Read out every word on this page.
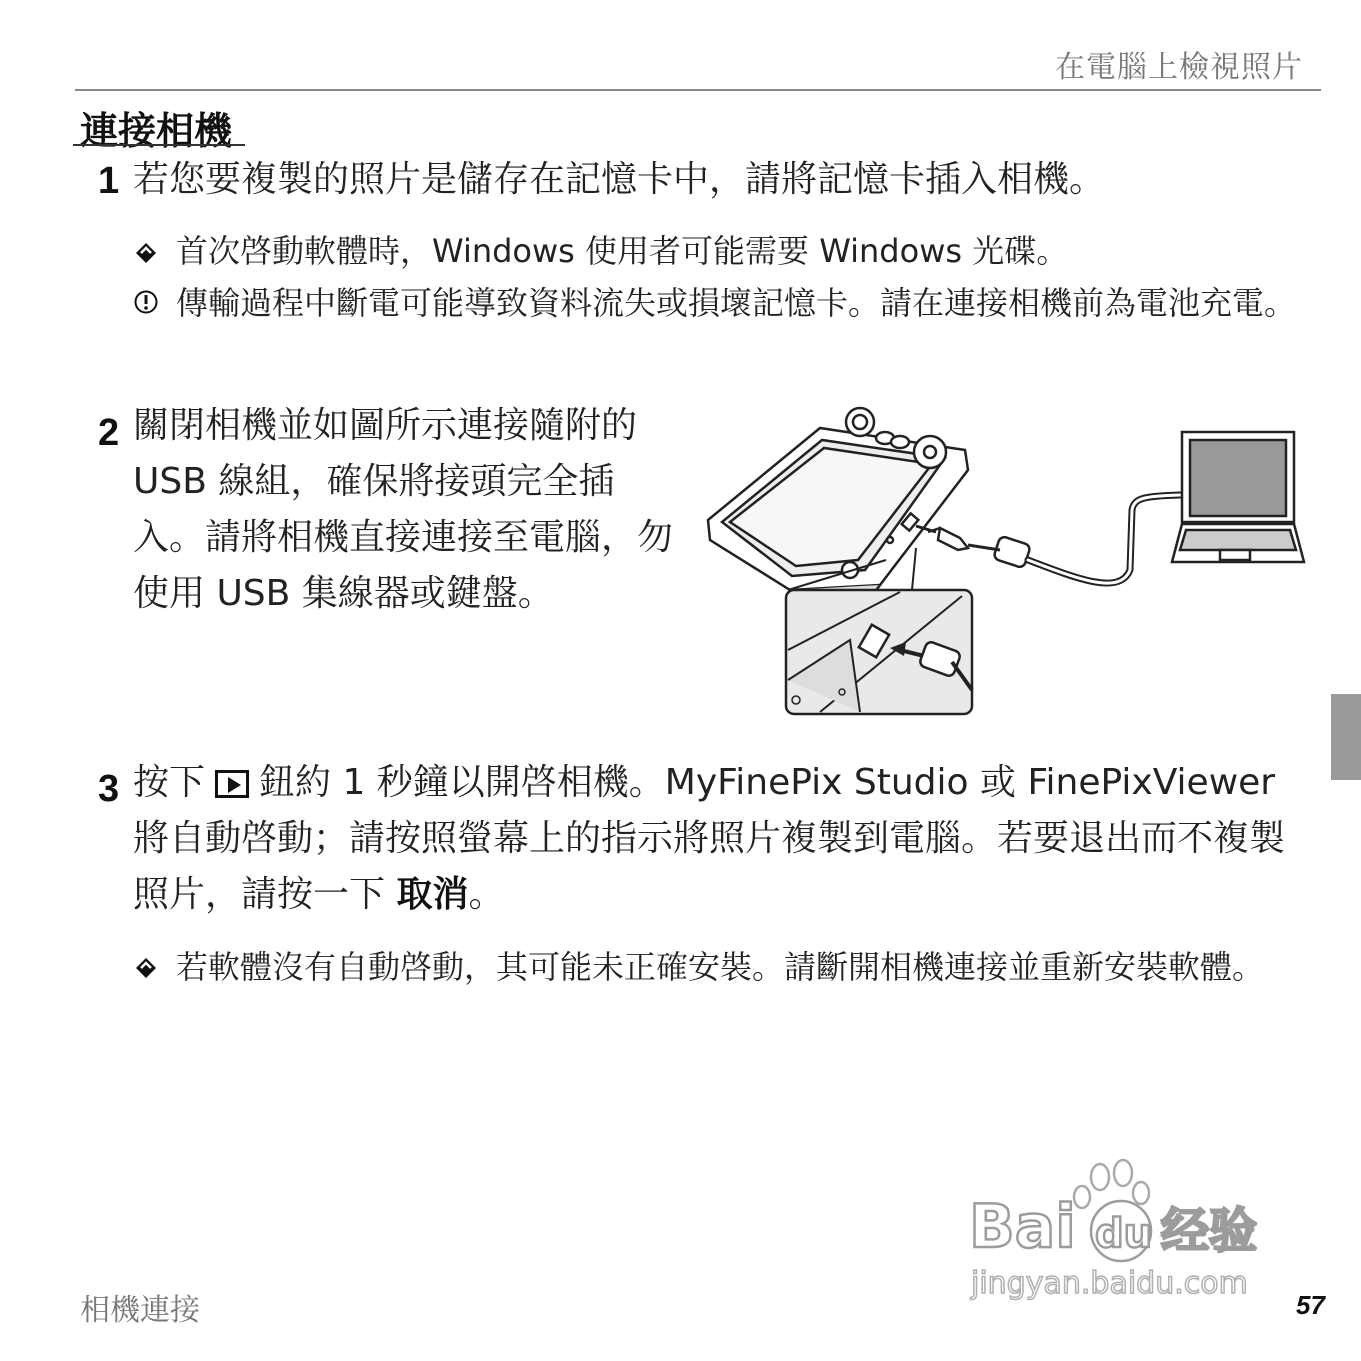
在電腦上檢視照片
連接相機
1 若您要複製的照片是儲存在記憶卡中，請將記憶卡插入相機。
首次啓動軟體時，Windows 使用者可能需要 Windows 光碟。
傳輸過程中斷電可能導致資料流失或損壞記憶卡。請在連接相機前為電池充電。
2 關閉相機並如圖所示連接隨附的 USB 線組，確保將接頭完全插入。請將相機直接連接至電腦，勿使用 USB 集線器或鍵盤。
3 按下 鈕約 1 秒鐘以開啓相機。MyFinePix Studio 或 FinePixViewer 將自動啓動；請按照螢幕上的指示將照片複製到電腦。若要退出而不複製照片，請按一下 取消。
若軟體沒有自動啓動，其可能未正確安裝。請斷開相機連接並重新安裝軟體。
相機連接	57
Bai du 经验
jingyan.baidu.com
